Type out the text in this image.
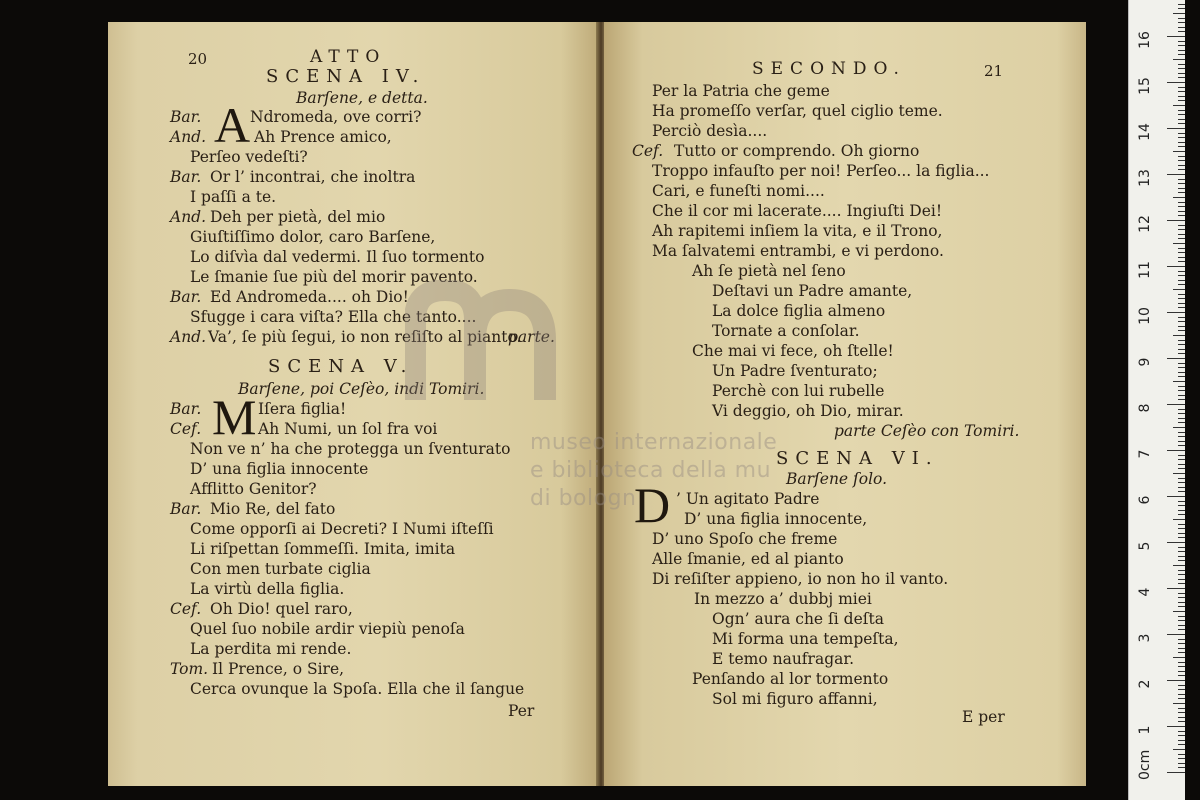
20	ATTO
SCENA IV.
Barſene, e detta.
A
Bar.	Ndromeda, ove corri?
And.	Ah Prence amico,
Perſeo vedeſti?
Bar. Or l’ incontrai, che inoltra
I paſſi a te.
And. Deh per pietà, del mio
Giuſtiſſimo dolor, caro Barſene,
Lo diſvìa dal vedermi. Il ſuo tormento
Le ſmanie ſue più del morir pavento.
Bar. Ed Andromeda.... oh Dio!
Sfugge i cara viſta? Ella che tanto....
And. Va’, ſe più ſegui, io non reſiſto al pianto.
parte.
SCENA V.
Barſene, poi Ceſèo, indi Tomiri.
M
Bar.	Iſera figlia!
Cef.	Ah Numi, un ſol fra voi
Non ve n’ ha che protegga un ſventurato
D’ una figlia innocente
Afflitto Genitor?
Bar. Mio Re, del fato
Come opporſi ai Decreti? I Numi iſteſſi
Li riſpettan ſommeſſi. Imita, imita
Con men turbate ciglia
La virtù della figlia.
Cef. Oh Dio! quel raro,
Quel ſuo nobile ardir viepiù penoſa
La perdita mi rende.
Tom. Il Prence, o Sire,
Cerca ovunque la Spoſa. Ella che il ſangue
Per
SECONDO.	21
Per la Patria che geme
Ha promeſſo verſar, quel ciglio teme.
Perciò desìa....
Cef. Tutto or comprendo. Oh giorno
Troppo infauſto per noi! Perſeo... la figlia...
Cari, e funeſti nomi....
Che il cor mi lacerate.... Ingiuſti Dei!
Ah rapitemi inſiem la vita, e il Trono,
Ma ſalvatemi entrambi, e vi perdono.
Ah ſe pietà nel ſeno
Deſtavi un Padre amante,
La dolce figlia almeno
Tornate a conſolar.
Che mai vi fece, oh ſtelle!
Un Padre ſventurato;
Perchè con lui rubelle
Vi deggio, oh Dio, mirar.
parte Ceſèo con Tomiri.
SCENA VI.
Barſene ſolo.
D ’ Un agitato Padre
D’ una figlia innocente,
D’ uno Spoſo che freme
Alle ſmanie, ed al pianto
Di reſiſter appieno, io non ho il vanto.
In mezzo a’ dubbj miei
Ogn’ aura che ſi deſta
Mi forma una tempeſta,
E temo naufragar.
Penſando al lor tormento
Sol mi figuro affanni,
E per
museo internazionale
e biblioteca della mu
di bologn
0cm
1
2
3
4
5
6
7
8
9
10
11
12
13
14
15
16
